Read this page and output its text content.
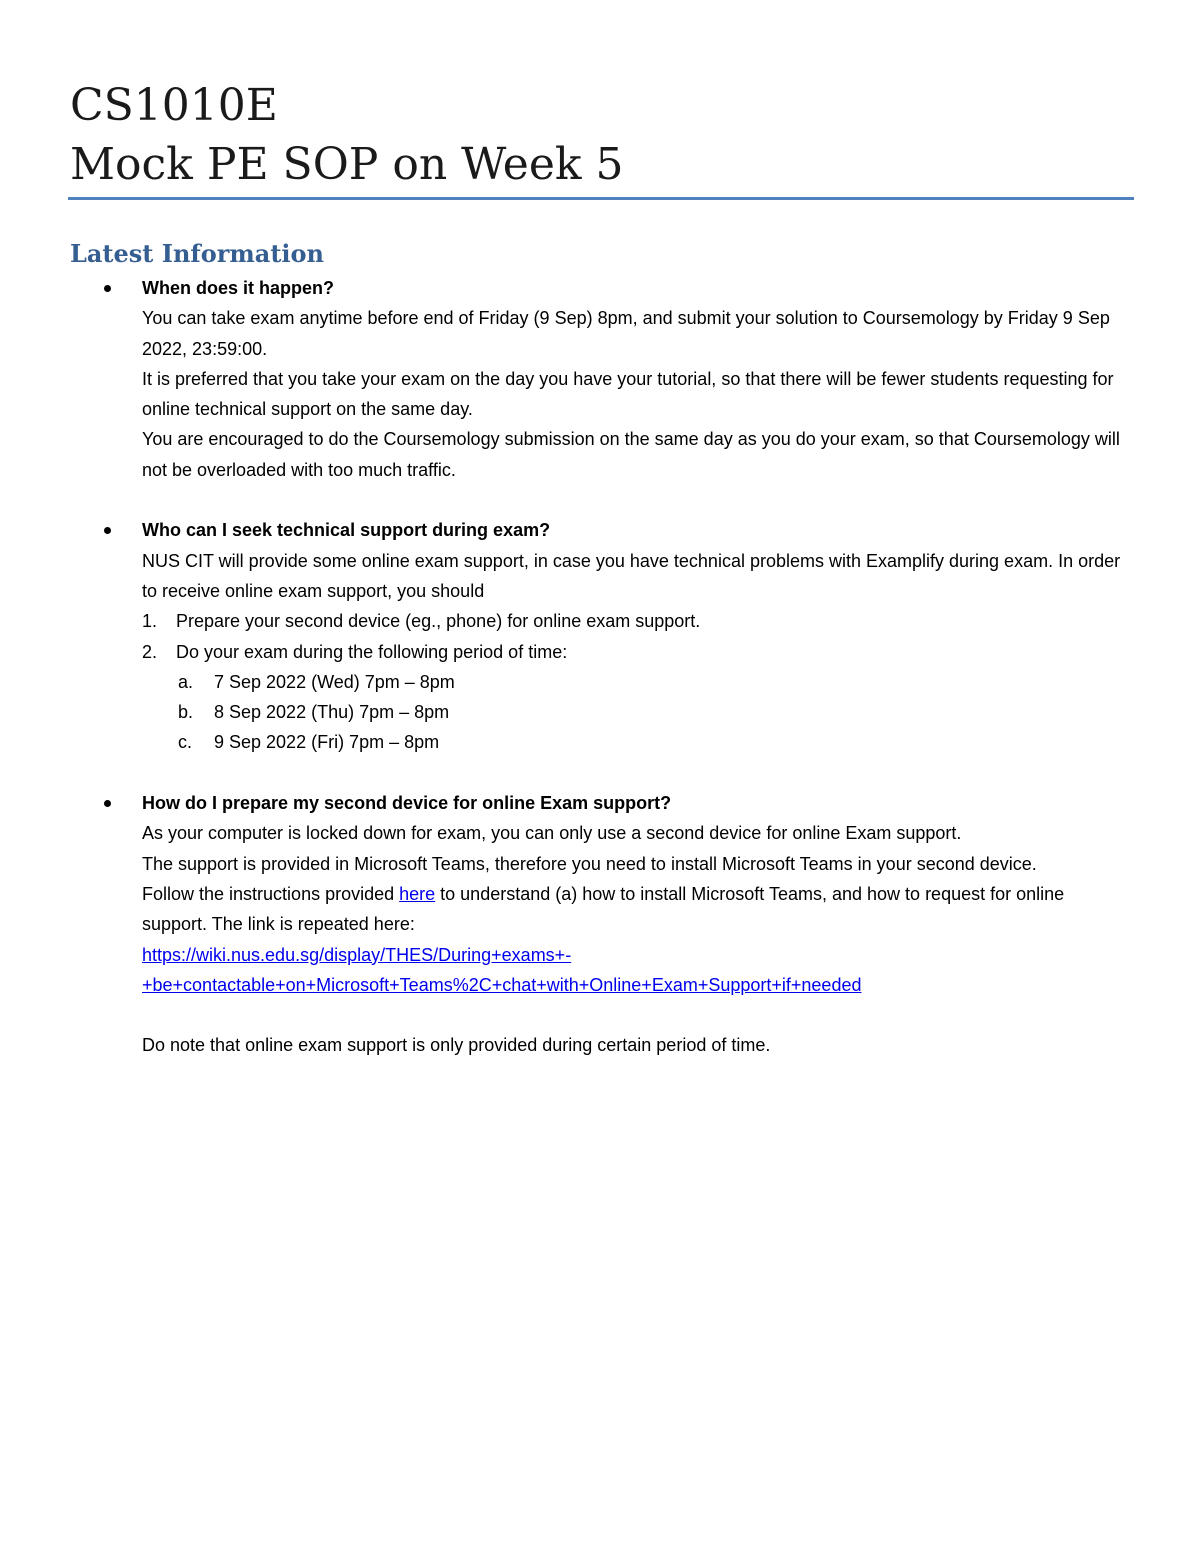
CS1010E

Mock PE SOP on Week 5

Latest Information
When does it happen?
You can take exam anytime before end of Friday (9 Sep) 8pm, and submit your solution to Coursemology by Friday 9 Sep 2022, 23:59:00.
It is preferred that you take your exam on the day you have your tutorial, so that there will be fewer students requesting for online technical support on the same day.
You are encouraged to do the Coursemology submission on the same day as you do your exam, so that Coursemology will not be overloaded with too much traffic.
Who can I seek technical support during exam?
NUS CIT will provide some online exam support, in case you have technical problems with Examplify during exam. In order to receive online exam support, you should
1. Prepare your second device (eg., phone) for online exam support.
2. Do your exam during the following period of time:
a. 7 Sep 2022 (Wed) 7pm – 8pm
b. 8 Sep 2022 (Thu) 7pm – 8pm
c. 9 Sep 2022 (Fri) 7pm – 8pm
How do I prepare my second device for online Exam support?
As your computer is locked down for exam, you can only use a second device for online Exam support.
The support is provided in Microsoft Teams, therefore you need to install Microsoft Teams in your second device.
Follow the instructions provided here to understand (a) how to install Microsoft Teams, and how to request for online support. The link is repeated here:
https://wiki.nus.edu.sg/display/THES/During+exams+-
+be+contactable+on+Microsoft+Teams%2C+chat+with+Online+Exam+Support+if+needed
Do note that online exam support is only provided during certain period of time.
